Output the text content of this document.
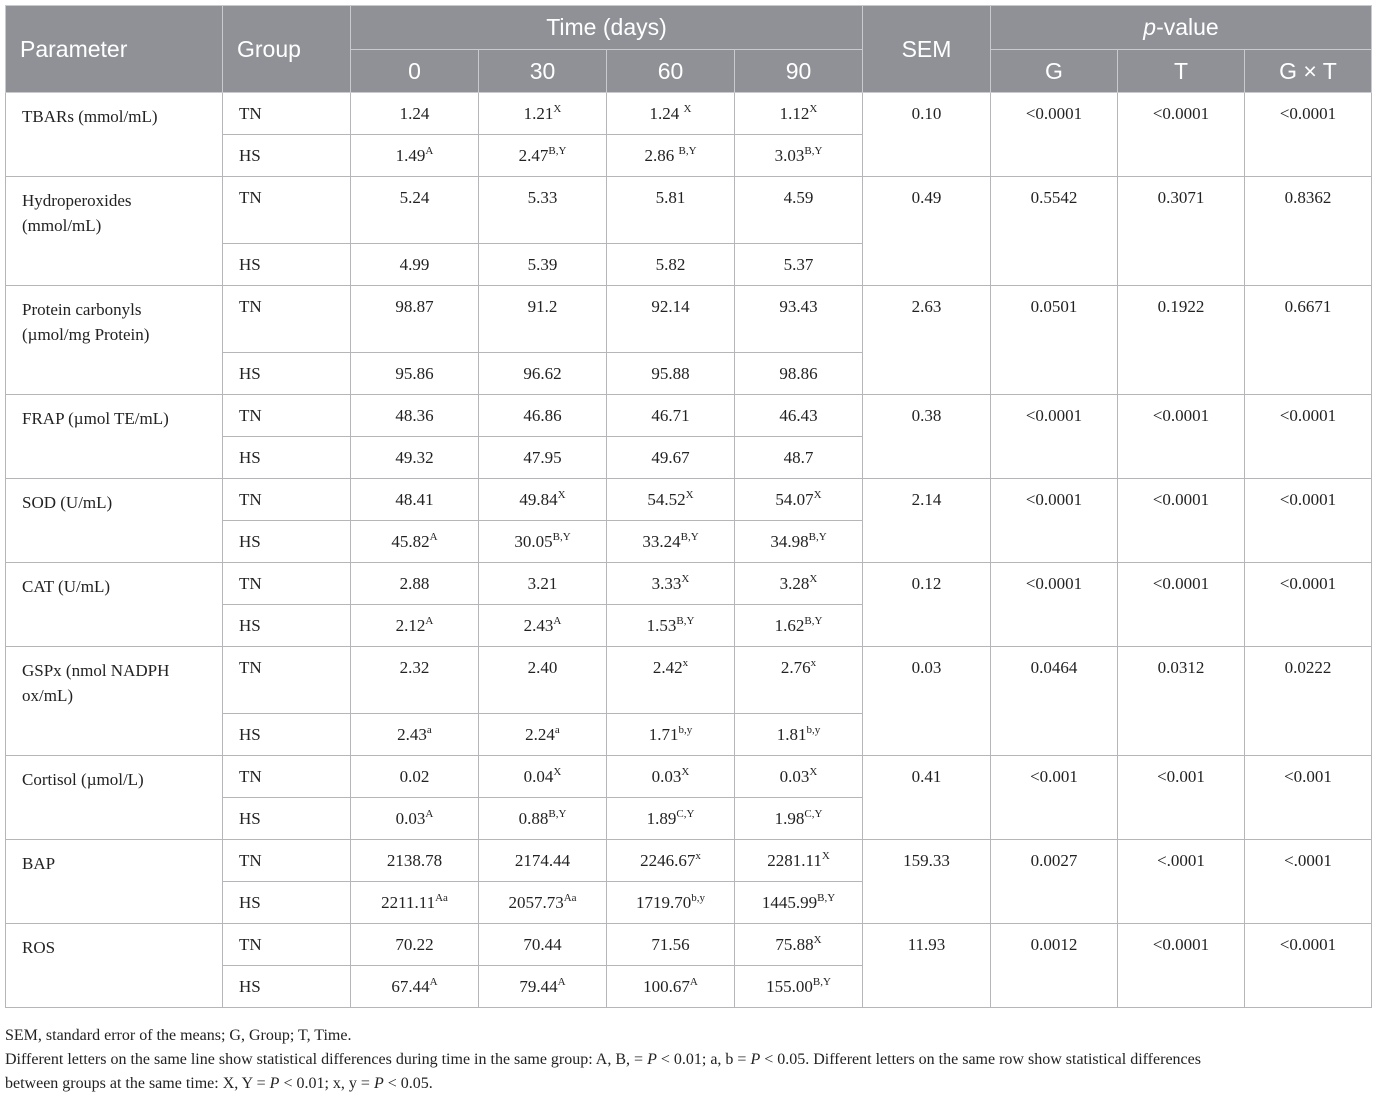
Parameter	Group	Time (days)				SEM	p-value		
		0	30	60	90		G	T	G × T
TBARs (mmol/mL)	TN	1.24	$1.21^X$	1.24 $^X$	$1.12^X$	0.10	<0.0001	<0.0001	<0.0001
	HS	$1.49^A$	$2.47^{B,Y}$	2.86 $^{B,Y}$	$3.03^{B,Y}$
Hydroperoxides
(mmol/mL)	TN	5.24	5.33	5.81	4.59	0.49	0.5542	0.3071	0.8362
	HS	4.99	5.39	5.82	5.37				
Protein carbonyls
(µmol/mg Protein)	TN	98.87	91.2	92.14	93.43	2.63	0.0501	0.1922	0.6671
	HS	95.86	96.62	95.88	98.86				
FRAP (µmol TE/mL)	TN	48.36	46.86	46.71	46.43	0.38	<0.0001	<0.0001	<0.0001
	HS	49.32	47.95	49.67	48.7				
SOD (U/mL)	TN	48.41	$49.84^X$	$54.52^X$	$54.07^X$	2.14	<0.0001	<0.0001	<0.0001
	HS	$45.82^A$	$30.05^{B,Y}$	$33.24^{B,Y}$	$34.98^{B,Y}$
CAT (U/mL)	TN	2.88	3.21	$3.33^X$	$3.28^X$	0.12	<0.0001	<0.0001	<0.0001
	HS	$2.12^A$	$2.43^A$	$1.53^{B,Y}$	$1.62^{B,Y}$
GSPx (nmol NADPH
ox/mL)	TN	2.32	2.40	2.42$^x$	2.76$^x$	0.03	0.0464	0.0312	0.0222
	HS	2.43$^a$	2.24$^a$	1.71$^{b,y}$	1.81$^{b,y}$
Cortisol (µmol/L)	TN	0.02	$0.04^X$	$0.03^X$	$0.03^X$	0.41	<0.001	<0.001	<0.001
	HS	$0.03^A$	$0.88^{B,Y}$	$1.89^{C,Y}$	$1.98^{C,Y}$
BAP	TN	2138.78	2174.44	2246.67$^x$	$2281.11^X$	159.33	0.0027	<.0001	<.0001
	HS	$2211.11^{Aa}$	$2057.73^{Aa}$	1719.70$^{b,y}$	$1445.99^{B,Y}$
ROS	TN	70.22	70.44	71.56	$75.88^X$	11.93	0.0012	<0.0001	<0.0001
	HS	$67.44^A$	$79.44^A$	$100.67^A$	$155.00^{B,Y}$

SEM, standard error of the means; G, Group; T, Time.

Different letters on the same line show statistical differences during time in the same group: A, B, = P < 0.01; a, b = P < 0.05. Different letters on the same row show statistical differences
between groups at the same time: X, Y = P < 0.01; x, y = P < 0.05.
